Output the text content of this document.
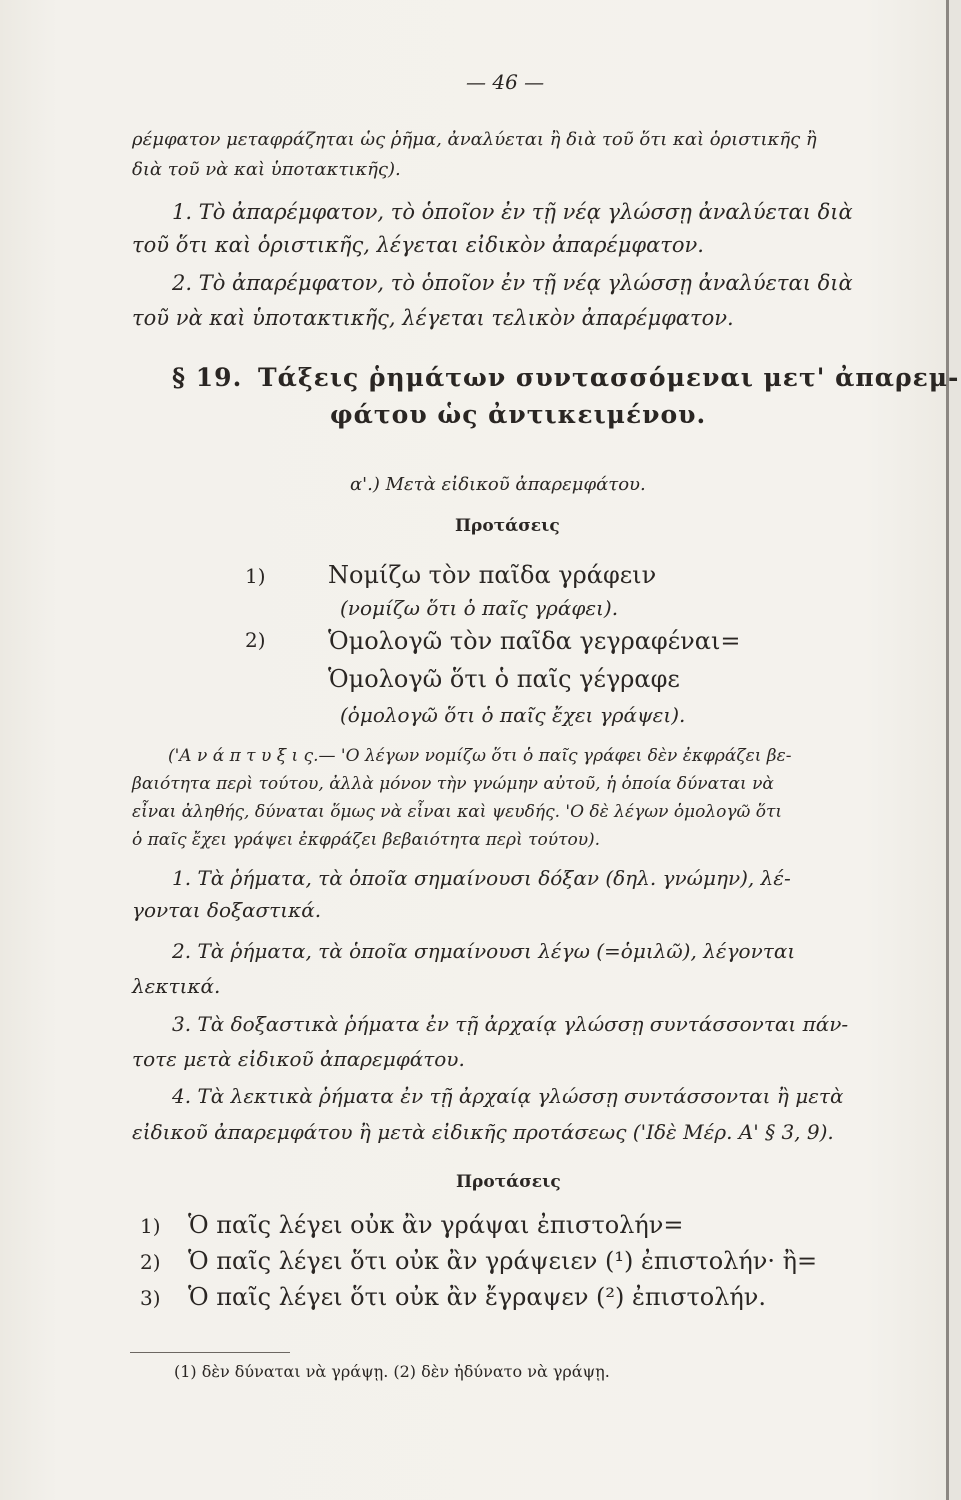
— 46 —
ρέμφατον μεταφράζηται ὡς ῥῆμα, ἀναλύεται ἢ διὰ τοῦ ὅτι καὶ ὁριστικῆς ἢ
διὰ τοῦ νὰ καὶ ὑποτακτικῆς).
1. Τὸ ἀπαρέμφατον, τὸ ὁποῖον ἐν τῇ νέᾳ γλώσσῃ ἀναλύεται διὰ
τοῦ ὅτι καὶ ὁριστικῆς, λέγεται εἰδικὸν ἀπαρέμφατον.
2. Τὸ ἀπαρέμφατον, τὸ ὁποῖον ἐν τῇ νέᾳ γλώσσῃ ἀναλύεται διὰ
τοῦ νὰ καὶ ὑποτακτικῆς, λέγεται τελικὸν ἀπαρέμφατον.
§ 19. Τάξεις ῥημάτων συντασσόμεναι μετ' ἀπαρεμ-
φάτου ὡς ἀντικειμένου.
α'.) Μετὰ εἰδικοῦ ἀπαρεμφάτου.
Προτάσεις
1)	Νομίζω τὸν παῖδα γράφειν
(νομίζω ὅτι ὁ παῖς γράφει).
2)	Ὁμολογῶ τὸν παῖδα γεγραφέναι=
Ὁμολογῶ ὅτι ὁ παῖς γέγραφε
(ὁμολογῶ ὅτι ὁ παῖς ἔχει γράψει).
('Α ν ά π τ υ ξ ι ς.— 'Ο λέγων νομίζω ὅτι ὁ παῖς γράφει δὲν ἐκφράζει βε-
βαιότητα περὶ τούτου, ἀλλὰ μόνον τὴν γνώμην αὐτοῦ, ἡ ὁποία δύναται νὰ
εἶναι ἀληθής, δύναται ὅμως νὰ εἶναι καὶ ψευδής. 'Ο δὲ λέγων ὁμολογῶ ὅτι
ὁ παῖς ἔχει γράψει ἐκφράζει βεβαιότητα περὶ τούτου).
1. Τὰ ῥήματα, τὰ ὁποῖα σημαίνουσι δόξαν (δηλ. γνώμην), λέ-
γονται δοξαστικά.
2. Τὰ ῥήματα, τὰ ὁποῖα σημαίνουσι λέγω (=ὁμιλῶ), λέγονται
λεκτικά.
3. Τὰ δοξαστικὰ ῥήματα ἐν τῇ ἀρχαίᾳ γλώσσῃ συντάσσονται πάν-
τοτε μετὰ εἰδικοῦ ἀπαρεμφάτου.
4. Τὰ λεκτικὰ ῥήματα ἐν τῇ ἀρχαίᾳ γλώσσῃ συντάσσονται ἢ μετὰ
εἰδικοῦ ἀπαρεμφάτου ἢ μετὰ εἰδικῆς προτάσεως ('Ιδὲ Μέρ. Α' § 3, 9).
Προτάσεις
1) Ὁ παῖς λέγει οὐκ ἂν γράψαι ἐπιστολήν=
2) Ὁ παῖς λέγει ὅτι οὐκ ἂν γράψειεν (¹) ἐπιστολήν· ἢ=
3) Ὁ παῖς λέγει ὅτι οὐκ ἂν ἔγραψεν (²) ἐπιστολήν.
(1) δὲν δύναται νὰ γράψῃ. (2) δὲν ἠδύνατο νὰ γράψῃ.
